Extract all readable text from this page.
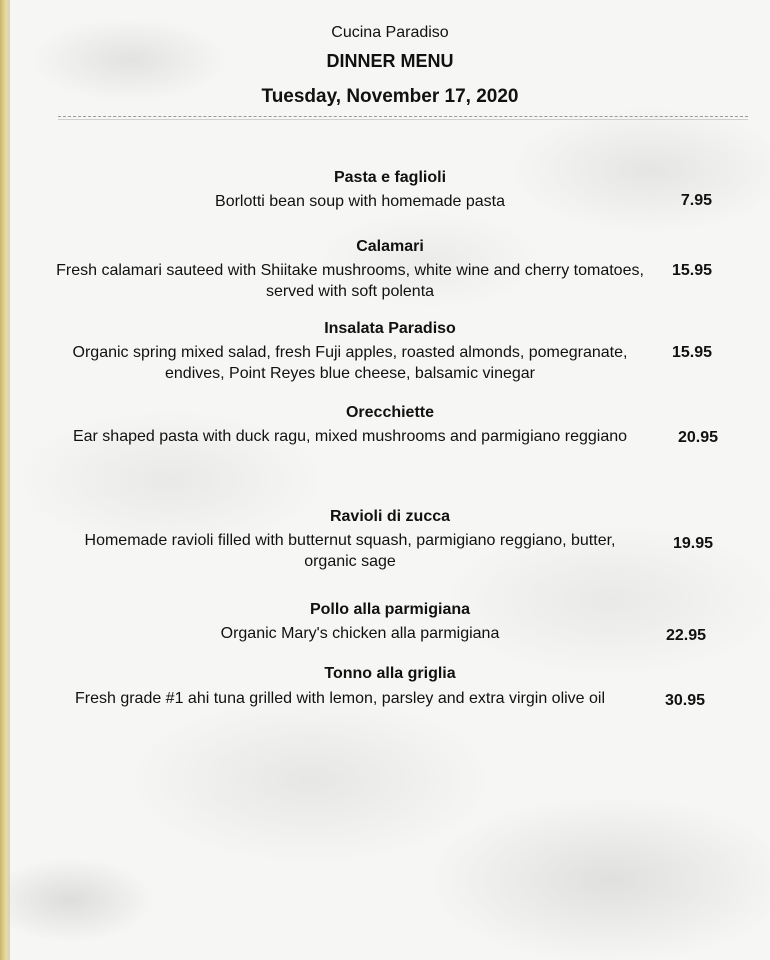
Cucina Paradiso
DINNER MENU
Tuesday, November 17, 2020
Pasta e faglioli
Borlotti bean soup with homemade pasta	7.95
Calamari
Fresh calamari sauteed with Shiitake mushrooms, white wine and cherry tomatoes, served with soft polenta
15.95
Insalata Paradiso
Organic spring mixed salad, fresh Fuji apples, roasted almonds, pomegranate, endives, Point Reyes blue cheese, balsamic vinegar
15.95
Orecchiette
Ear shaped pasta with duck ragu, mixed mushrooms and parmigiano reggiano	20.95
Ravioli di zucca
Homemade ravioli filled with butternut squash, parmigiano reggiano, butter, organic sage
19.95
Pollo alla parmigiana
Organic Mary's chicken alla parmigiana	22.95
Tonno alla griglia
Fresh grade #1 ahi tuna grilled with lemon, parsley and extra virgin olive oil	30.95
